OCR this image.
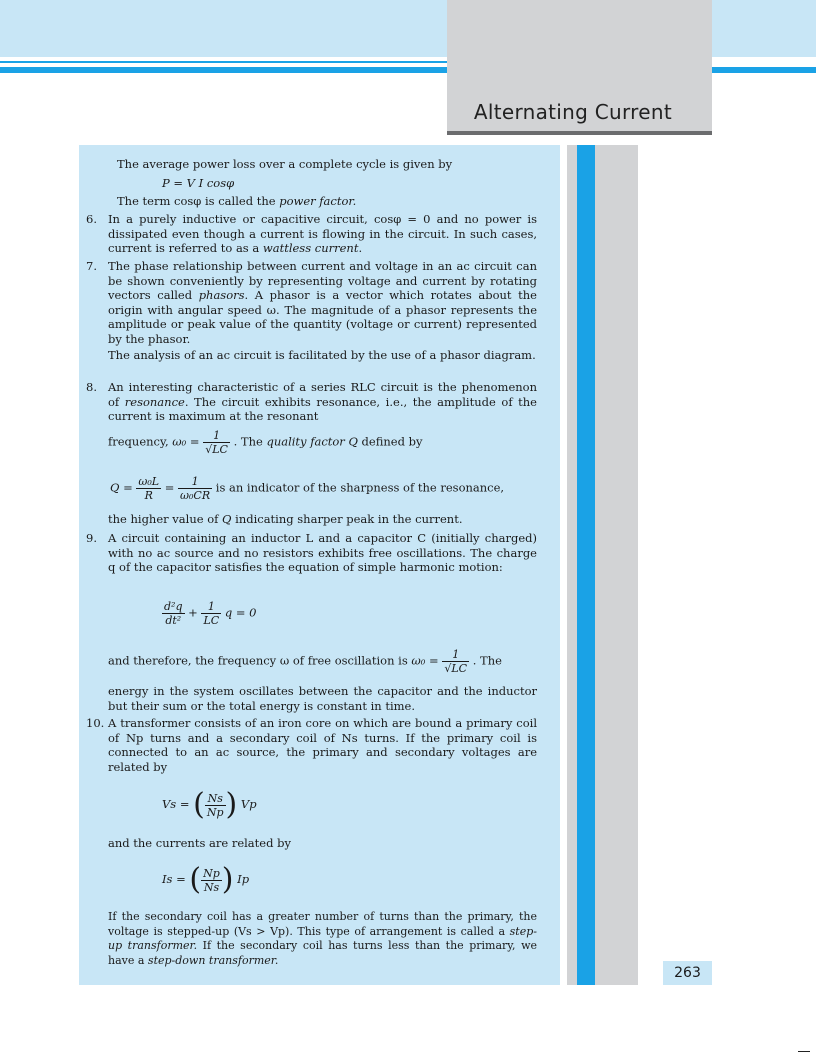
Alternating Current
The average power loss over a complete cycle is given by
P = V I cosφ
The term cosφ is called the power factor.
6. In a purely inductive or capacitive circuit, cosφ = 0 and no power is dissipated even though a current is flowing in the circuit. In such cases, current is referred to as a wattless current.
7. The phase relationship between current and voltage in an ac circuit can be shown conveniently by representing voltage and current by rotating vectors called phasors. A phasor is a vector which rotates about the origin with angular speed ω. The magnitude of a phasor represents the amplitude or peak value of the quantity (voltage or current) represented by the phasor.
The analysis of an ac circuit is facilitated by the use of a phasor diagram.
8. An interesting characteristic of a series RLC circuit is the phenomenon of resonance. The circuit exhibits resonance, i.e., the amplitude of the current is maximum at the resonant
frequency, $\omega_0 = \frac{1}{√LC}$ . The quality factor Q defined by
$Q = \frac{\text{ω₀L}}{R} = \frac{1}{\text{ω₀CR}}$ is an indicator of the sharpness of the resonance,
the higher value of Q indicating sharper peak in the current.
9. A circuit containing an inductor L and a capacitor C (initially charged) with no ac source and no resistors exhibits free oscillations. The charge q of the capacitor satisfies the equation of simple harmonic motion:
$\frac{\text{d²q}}{\text{dt²}} + \frac{1}{LC}$ q = 0
and therefore, the frequency ω of free oscillation is $\omega_0 = \frac{1}{√LC}$ . The
energy in the system oscillates between the capacitor and the inductor but their sum or the total energy is constant in time.
10. A transformer consists of an iron core on which are bound a primary coil of Np turns and a secondary coil of Ns turns. If the primary coil is connected to an ac source, the primary and secondary voltages are related by
Vs = ( $\frac{Ns}{Np}$ ) Vp
and the currents are related by
Is = ( $\frac{Np}{Ns}$ ) Ip
If the secondary coil has a greater number of turns than the primary, the voltage is stepped-up (Vs > Vp). This type of arrangement is called a step-up transformer. If the secondary coil has turns less than the primary, we have a step-down transformer.
263
